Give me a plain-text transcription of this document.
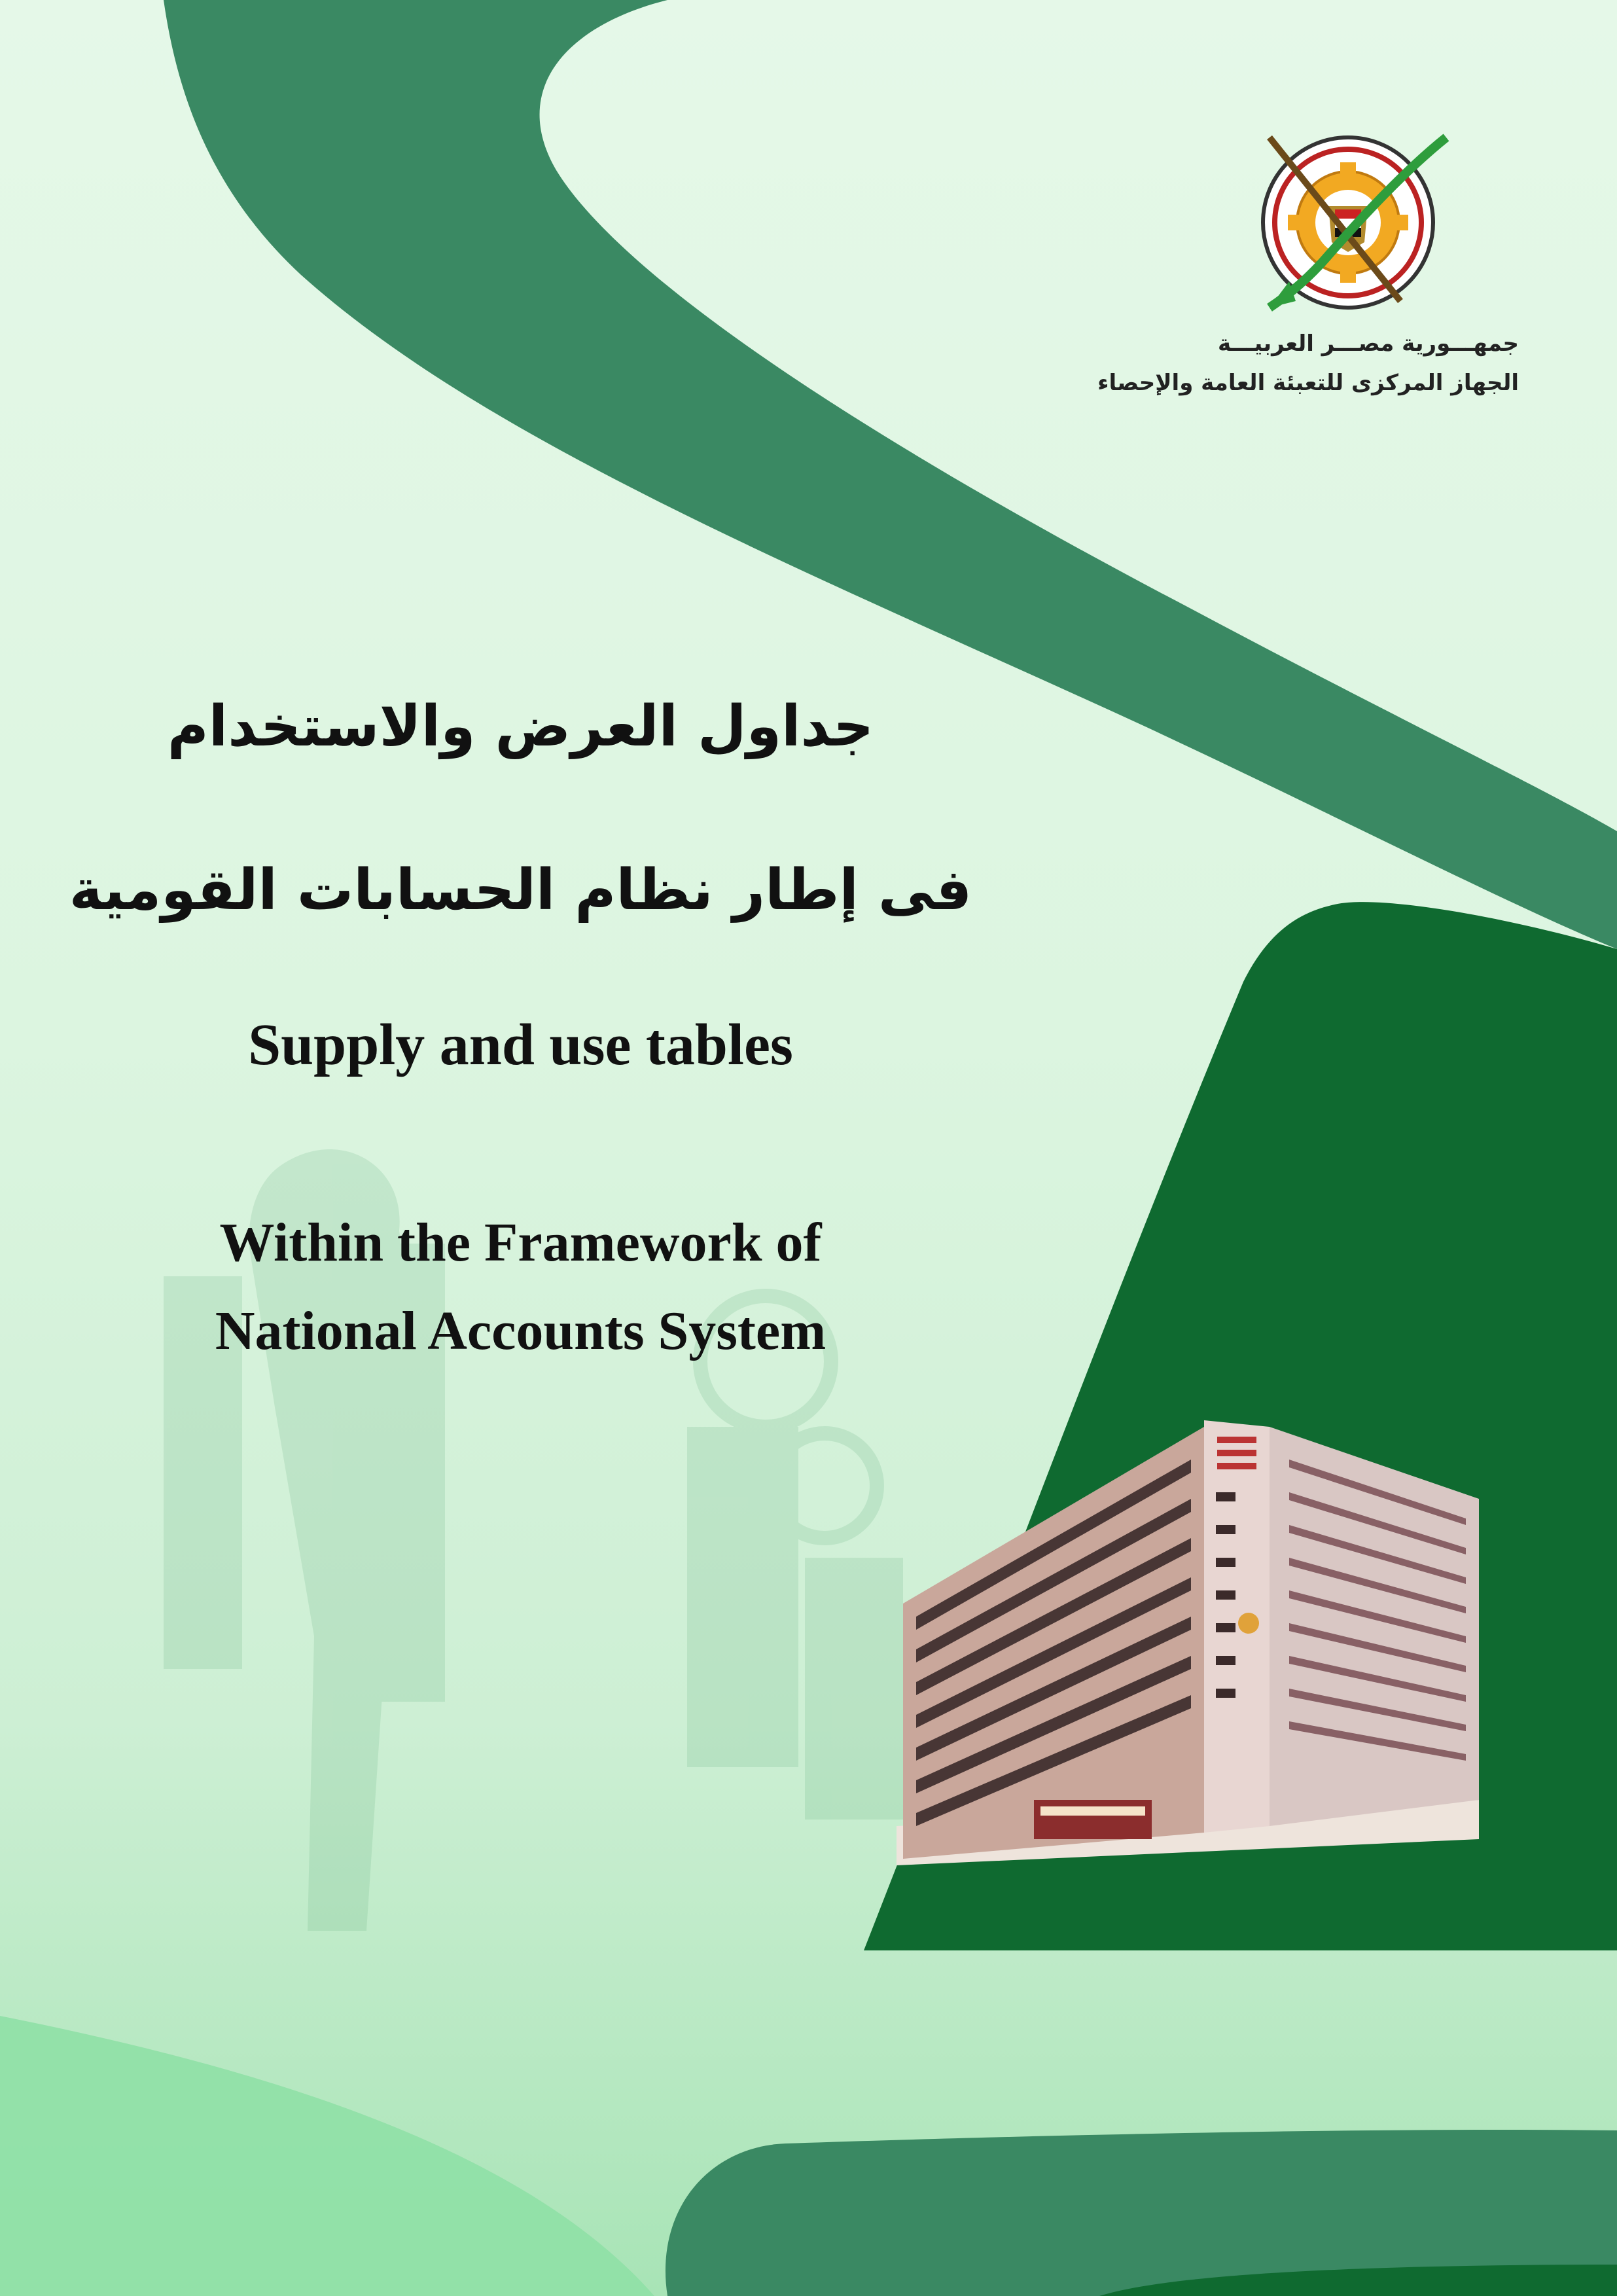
جمهـــورية مصـــر العربيـــة
الجهاز المركزى للتعبئة العامة والإحصاء
جداول العرض والاستخدام
فى إطار نظام الحسابات القومية
Supply and use tables
Within the Framework of
National Accounts System
